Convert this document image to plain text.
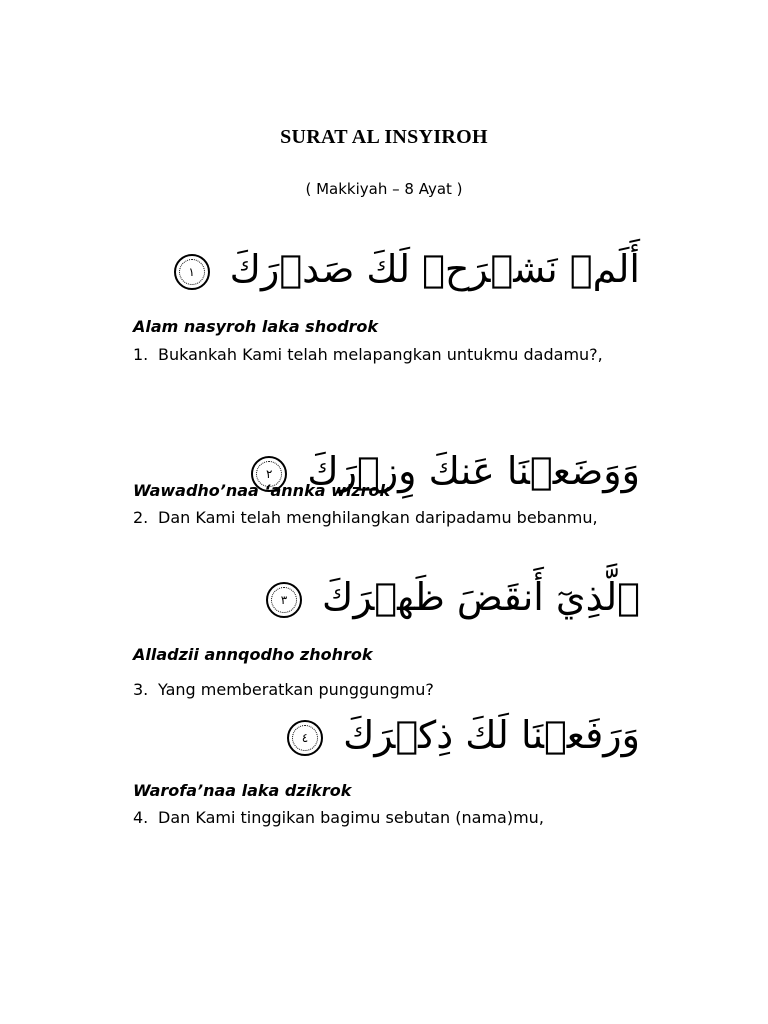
SURAT AL INSYIROH
( Makkiyah – 8 Ayat )
أَلَمۡ نَشۡرَحۡ لَكَ صَدۡرَكَ
١
Alam nasyroh laka shodrok
1. Bukankah Kami telah melapangkan untukmu dadamu?,
وَوَضَعۡنَا عَنكَ وِزۡرَكَ
٢
Wawadho’naa ‘annka wizrok
2. Dan Kami telah menghilangkan daripadamu bebanmu,
ٱلَّذِيٓ أَنقَضَ ظَهۡرَكَ
٣
Alladzii annqodho zhohrok
3. Yang memberatkan punggungmu?
وَرَفَعۡنَا لَكَ ذِكۡرَكَ
٤
Warofa’naa laka dzikrok
4. Dan Kami tinggikan bagimu sebutan (nama)mu,
